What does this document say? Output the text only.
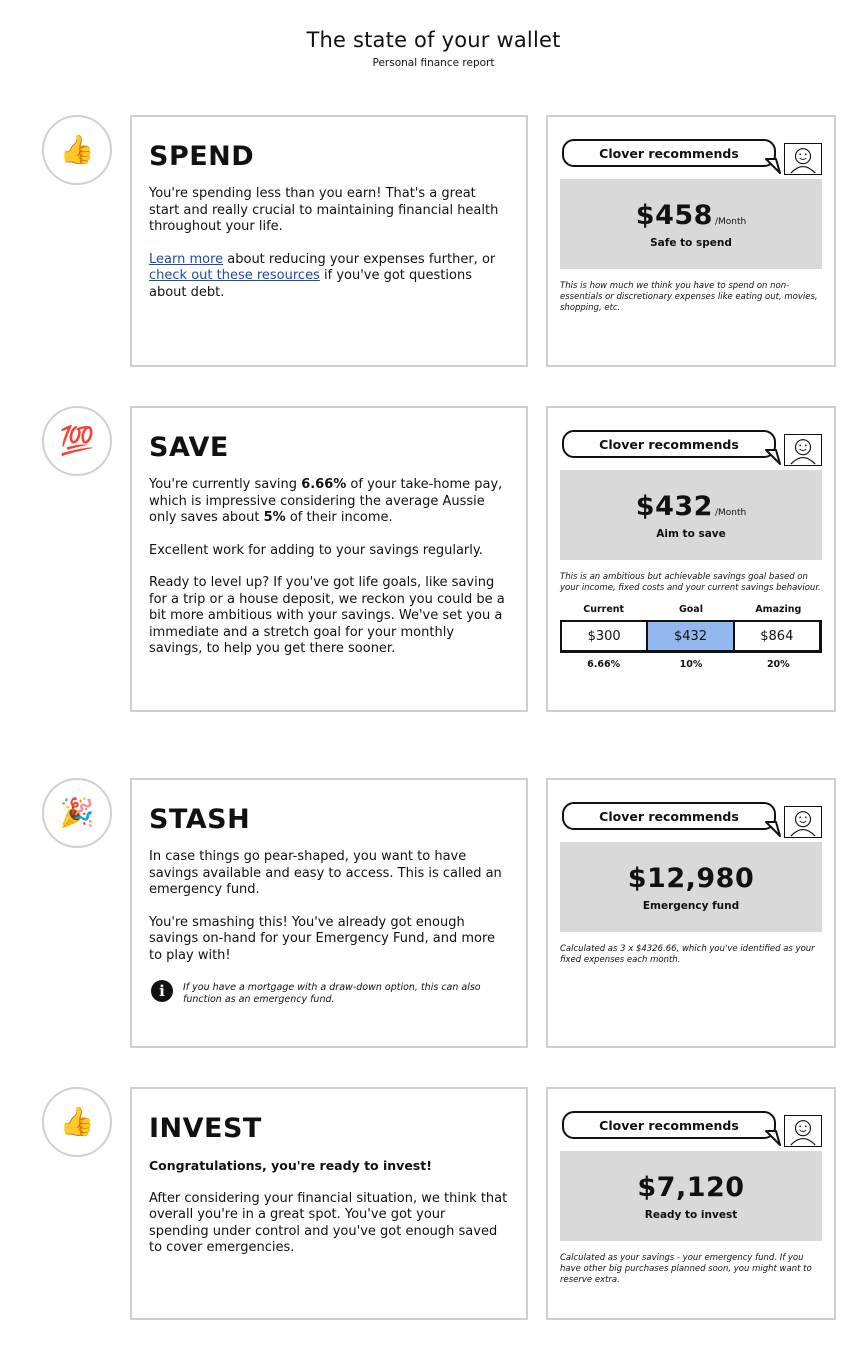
The state of your wallet
Personal finance report
👍 SPEND

You're spending less than you earn! That's a great start and really crucial to maintaining financial health throughout your life.

Learn more about reducing your expenses further, or check out these resources if you've got questions about debt.

Clover recommends
$458 /Month
Safe to spend
This is how much we think you have to spend on non-essentials or discretionary expenses like eating out, movies, shopping, etc.
💯 SAVE

You're currently saving 6.66% of your take-home pay, which is impressive considering the average Aussie only saves about 5% of their income.

Excellent work for adding to your savings regularly.

Ready to level up? If you've got life goals, like saving for a trip or a house deposit, we reckon you could be a bit more ambitious with your savings. We've set you a immediate and a stretch goal for your monthly savings, to help you get there sooner.

Clover recommends
$432 /Month
Aim to save
This is an ambitious but achievable savings goal based on your income, fixed costs and your current savings behaviour.
Current	Goal	Amazing
$300	$432	$864
6.66%	10%	20%
🎉 STASH

In case things go pear-shaped, you want to have savings available and easy to access. This is called an emergency fund.

You're smashing this! You've already got enough savings on-hand for your Emergency Fund, and more to play with!

i	If you have a mortgage with a draw-down option, this can also function as an emergency fund.
Clover recommends
$12,980
Emergency fund
Calculated as 3 x $4326.66, which you've identified as your fixed expenses each month.
👍 INVEST

Congratulations, you're ready to invest!

After considering your financial situation, we think that overall you're in a great spot. You've got your spending under control and you've got enough saved to cover emergencies.

Clover recommends
$7,120
Ready to invest
Calculated as your savings - your emergency fund. If you have other big purchases planned soon, you might want to reserve extra.
